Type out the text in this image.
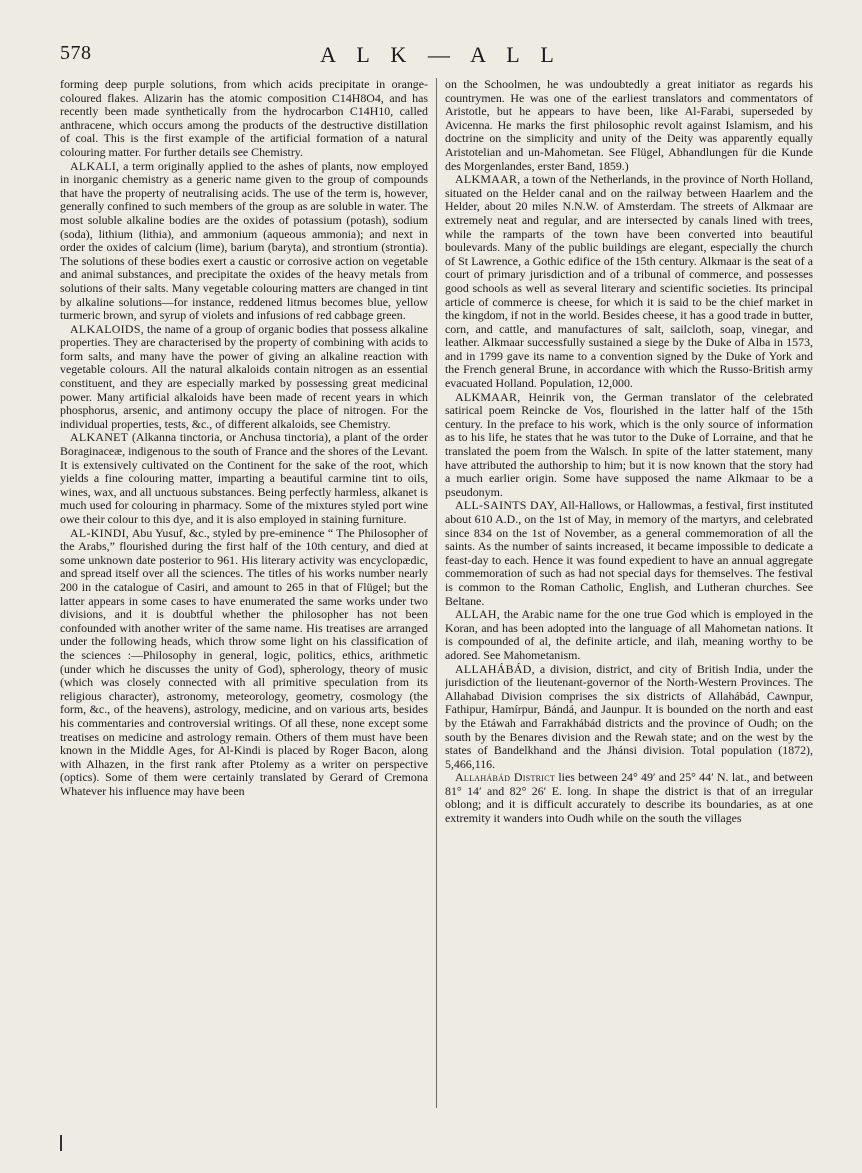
578	A L K — A L L

forming deep purple solutions, from which acids precipitate in orange-coloured flakes. Alizarin has the atomic composition C14H8O4, and has recently been made synthetically from the hydrocarbon C14H10, called anthracene, which occurs among the products of the destructive distillation of coal. This is the first example of the artificial formation of a natural colouring matter. For further details see Chemistry.

ALKALI, a term originally applied to the ashes of plants, now employed in inorganic chemistry as a generic name given to the group of compounds that have the property of neutralising acids. The use of the term is, however, generally confined to such members of the group as are soluble in water. The most soluble alkaline bodies are the oxides of potassium (potash), sodium (soda), lithium (lithia), and ammonium (aqueous ammonia); and next in order the oxides of calcium (lime), barium (baryta), and strontium (strontia). The solutions of these bodies exert a caustic or corrosive action on vegetable and animal substances, and precipitate the oxides of the heavy metals from solutions of their salts. Many vegetable colouring matters are changed in tint by alkaline solutions—for instance, reddened litmus becomes blue, yellow turmeric brown, and syrup of violets and infusions of red cabbage green.

ALKALOIDS, the name of a group of organic bodies that possess alkaline properties. They are characterised by the property of combining with acids to form salts, and many have the power of giving an alkaline reaction with vegetable colours. All the natural alkaloids contain nitrogen as an essential constituent, and they are especially marked by possessing great medicinal power. Many artificial alkaloids have been made of recent years in which phosphorus, arsenic, and antimony occupy the place of nitrogen. For the individual properties, tests, &c., of different alkaloids, see Chemistry.

ALKANET (Alkanna tinctoria, or Anchusa tinctoria), a plant of the order Boraginaceæ, indigenous to the south of France and the shores of the Levant. It is extensively cultivated on the Continent for the sake of the root, which yields a fine colouring matter, imparting a beautiful carmine tint to oils, wines, wax, and all unctuous substances. Being perfectly harmless, alkanet is much used for colouring in pharmacy. Some of the mixtures styled port wine owe their colour to this dye, and it is also employed in staining furniture.

AL-KINDI, Abu Yusuf, &c., styled by pre-eminence “ The Philosopher of the Arabs,” flourished during the first half of the 10th century, and died at some unknown date posterior to 961. His literary activity was encyclopædic, and spread itself over all the sciences. The titles of his works number nearly 200 in the catalogue of Casiri, and amount to 265 in that of Flügel; but the latter appears in some cases to have enumerated the same works under two divisions, and it is doubtful whether the philosopher has not been confounded with another writer of the same name. His treatises are arranged under the following heads, which throw some light on his classification of the sciences :—Philosophy in general, logic, politics, ethics, arithmetic (under which he discusses the unity of God), spherology, theory of music (which was closely connected with all primitive speculation from its religious character), astronomy, meteorology, geometry, cosmology (the form, &c., of the heavens), astrology, medicine, and on various arts, besides his commentaries and controversial writings. Of all these, none except some treatises on medicine and astrology remain. Others of them must have been known in the Middle Ages, for Al-Kindi is placed by Roger Bacon, along with Alhazen, in the first rank after Ptolemy as a writer on perspective (optics). Some of them were certainly translated by Gerard of Cremona Whatever his influence may have been

on the Schoolmen, he was undoubtedly a great initiator as regards his countrymen. He was one of the earliest translators and commentators of Aristotle, but he appears to have been, like Al-Farabi, superseded by Avicenna. He marks the first philosophic revolt against Islamism, and his doctrine on the simplicity and unity of the Deity was apparently equally Aristotelian and un-Mahometan. See Flügel, Abhandlungen für die Kunde des Morgenlandes, erster Band, 1859.)

ALKMAAR, a town of the Netherlands, in the province of North Holland, situated on the Helder canal and on the railway between Haarlem and the Helder, about 20 miles N.N.W. of Amsterdam. The streets of Alkmaar are extremely neat and regular, and are intersected by canals lined with trees, while the ramparts of the town have been converted into beautiful boulevards. Many of the public buildings are elegant, especially the church of St Lawrence, a Gothic edifice of the 15th century. Alkmaar is the seat of a court of primary jurisdiction and of a tribunal of commerce, and possesses good schools as well as several literary and scientific societies. Its principal article of commerce is cheese, for which it is said to be the chief market in the kingdom, if not in the world. Besides cheese, it has a good trade in butter, corn, and cattle, and manufactures of salt, sailcloth, soap, vinegar, and leather. Alkmaar successfully sustained a siege by the Duke of Alba in 1573, and in 1799 gave its name to a convention signed by the Duke of York and the French general Brune, in accordance with which the Russo-British army evacuated Holland. Population, 12,000.

ALKMAAR, Heinrik von, the German translator of the celebrated satirical poem Reincke de Vos, flourished in the latter half of the 15th century. In the preface to his work, which is the only source of information as to his life, he states that he was tutor to the Duke of Lorraine, and that he translated the poem from the Walsch. In spite of the latter statement, many have attributed the authorship to him; but it is now known that the story had a much earlier origin. Some have supposed the name Alkmaar to be a pseudonym.

ALL-SAINTS DAY, All-Hallows, or Hallowmas, a festival, first instituted about 610 A.D., on the 1st of May, in memory of the martyrs, and celebrated since 834 on the 1st of November, as a general commemoration of all the saints. As the number of saints increased, it became impossible to dedicate a feast-day to each. Hence it was found expedient to have an annual aggregate commemoration of such as had not special days for themselves. The festival is common to the Roman Catholic, English, and Lutheran churches. See Beltane.

ALLAH, the Arabic name for the one true God which is employed in the Koran, and has been adopted into the language of all Mahometan nations. It is compounded of al, the definite article, and ilah, meaning worthy to be adored. See Mahometanism.

ALLAHÁBÁD, a division, district, and city of British India, under the jurisdiction of the lieutenant-governor of the North-Western Provinces. The Allahabad Division comprises the six districts of Allahábád, Cawnpur, Fathipur, Hamírpur, Bándá, and Jaunpur. It is bounded on the north and east by the Etáwah and Farrakhábád districts and the province of Oudh; on the south by the Benares division and the Rewah state; and on the west by the states of Bandelkhand and the Jhánsi division. Total population (1872), 5,466,116.

Allahábád District lies between 24° 49′ and 25° 44′ N. lat., and between 81° 14′ and 82° 26′ E. long. In shape the district is that of an irregular oblong; and it is difficult accurately to describe its boundaries, as at one extremity it wanders into Oudh while on the south the villages
